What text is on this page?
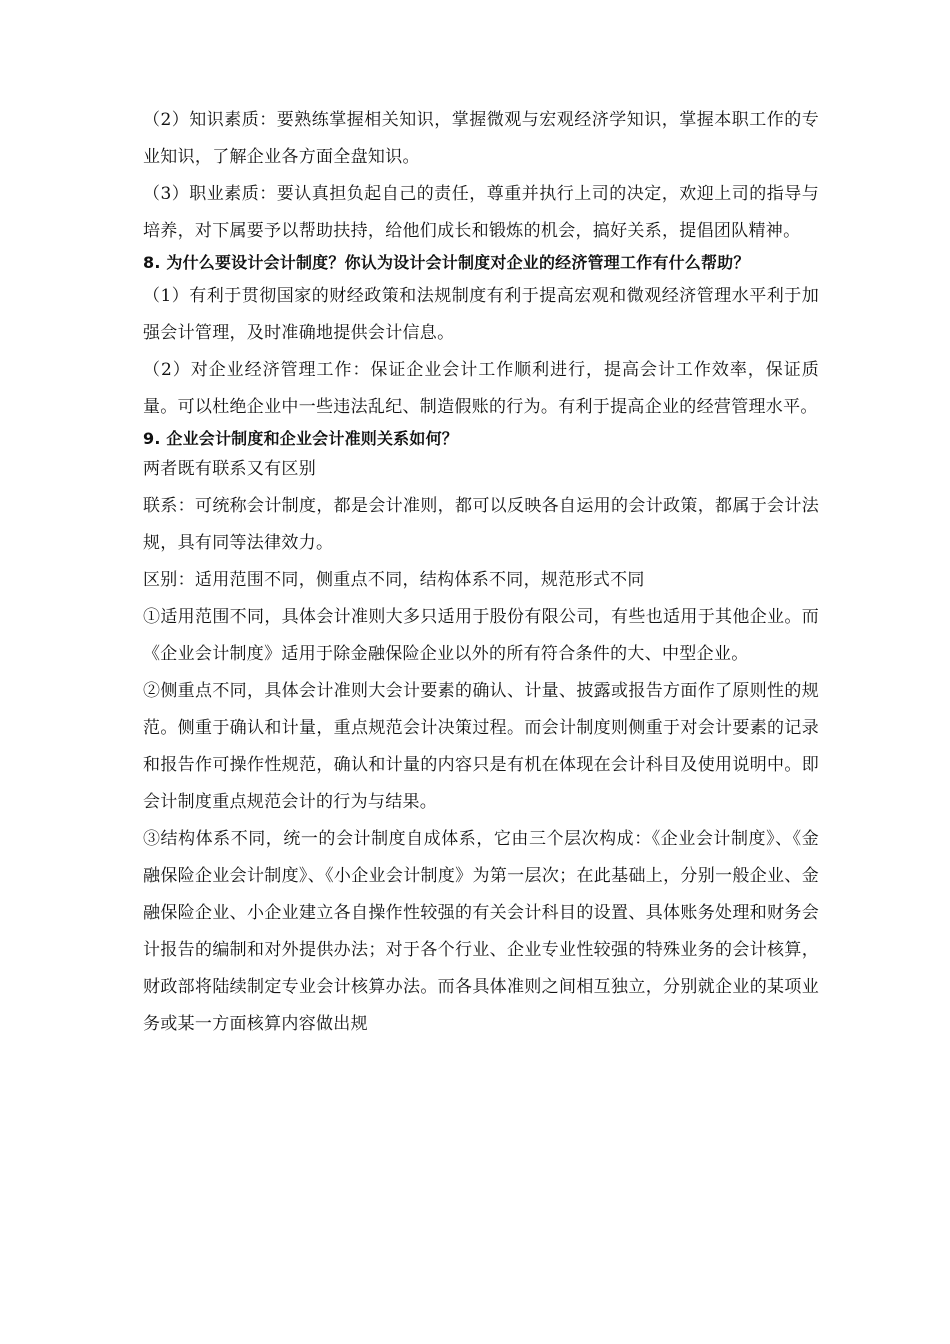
（2）知识素质：要熟练掌握相关知识，掌握微观与宏观经济学知识，掌握本职工作的专业知识，了解企业各方面全盘知识。

（3）职业素质：要认真担负起自己的责任，尊重并执行上司的决定，欢迎上司的指导与培养，对下属要予以帮助扶持，给他们成长和锻炼的机会，搞好关系，提倡团队精神。

8. 为什么要设计会计制度？你认为设计会计制度对企业的经济管理工作有什么帮助？

（1）有利于贯彻国家的财经政策和法规制度有利于提高宏观和微观经济管理水平利于加强会计管理，及时准确地提供会计信息。

（2）对企业经济管理工作：保证企业会计工作顺利进行，提高会计工作效率，保证质量。可以杜绝企业中一些违法乱纪、制造假账的行为。有利于提高企业的经营管理水平。

9. 企业会计制度和企业会计准则关系如何？

两者既有联系又有区别

联系：可统称会计制度，都是会计准则，都可以反映各自运用的会计政策，都属于会计法规，具有同等法律效力。

区别：适用范围不同，侧重点不同，结构体系不同，规范形式不同

①适用范围不同，具体会计准则大多只适用于股份有限公司，有些也适用于其他企业。而《企业会计制度》适用于除金融保险企业以外的所有符合条件的大、中型企业。

②侧重点不同，具体会计准则大会计要素的确认、计量、披露或报告方面作了原则性的规范。侧重于确认和计量，重点规范会计决策过程。而会计制度则侧重于对会计要素的记录和报告作可操作性规范，确认和计量的内容只是有机在体现在会计科目及使用说明中。即会计制度重点规范会计的行为与结果。

③结构体系不同，统一的会计制度自成体系，它由三个层次构成：《企业会计制度》、《金融保险企业会计制度》、《小企业会计制度》为第一层次；在此基础上，分别一般企业、金融保险企业、小企业建立各自操作性较强的有关会计科目的设置、具体账务处理和财务会计报告的编制和对外提供办法；对于各个行业、企业专业性较强的特殊业务的会计核算，财政部将陆续制定专业会计核算办法。而各具体准则之间相互独立，分别就企业的某项业务或某一方面核算内容做出规
